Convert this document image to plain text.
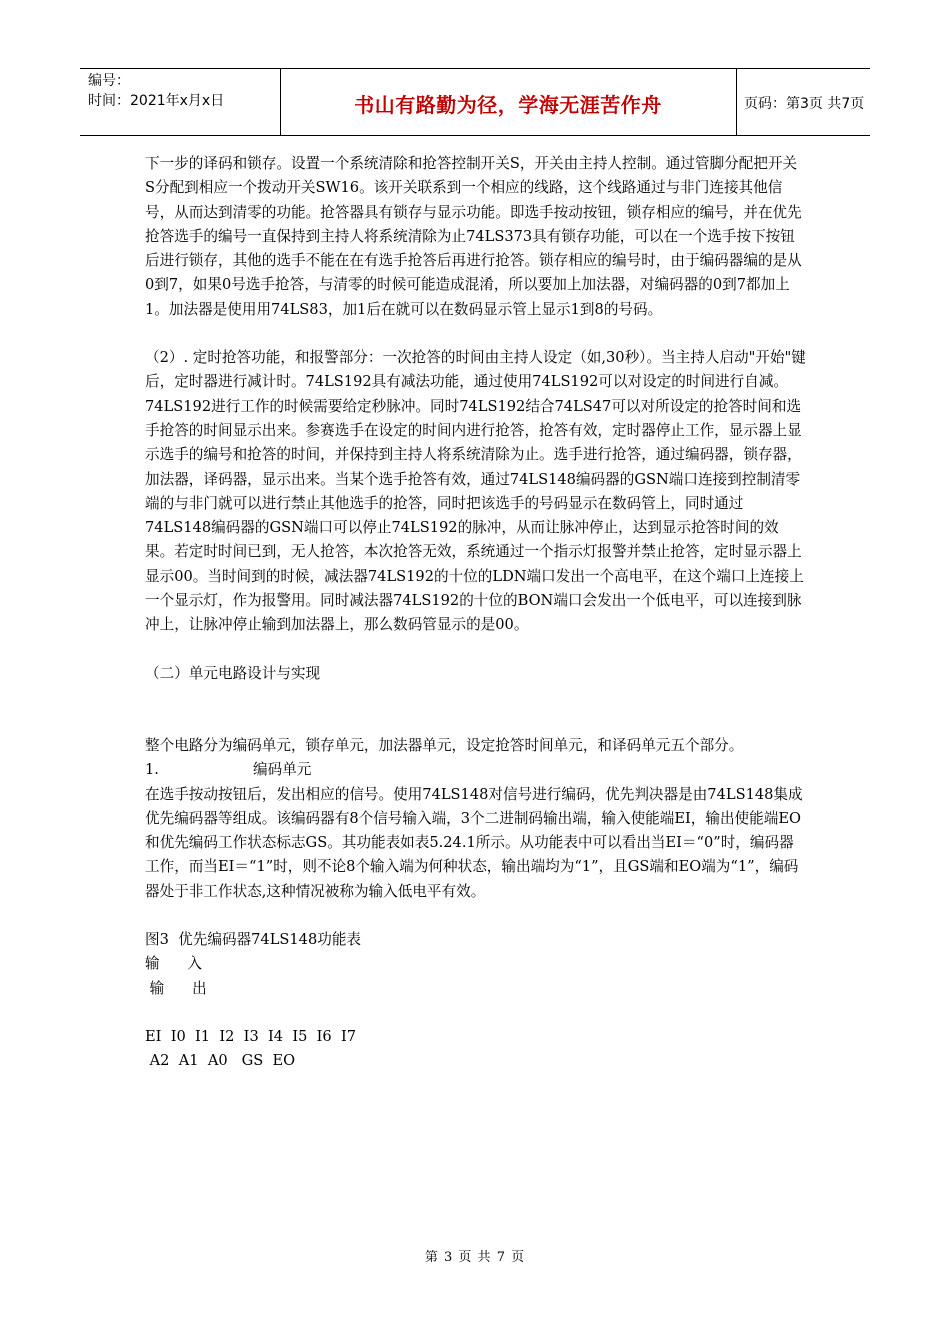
编号：
时间：2021年x月x日	书山有路勤为径，学海无涯苦作舟	页码：第3页 共7页

下一步的译码和锁存。设置一个系统清除和抢答控制开关S，开关由主持人控制。通过管脚分配把开关S分配到相应一个拨动开关SW16。该开关联系到一个相应的线路，这个线路通过与非门连接其他信号，从而达到清零的功能。抢答器具有锁存与显示功能。即选手按动按钮，锁存相应的编号，并在优先抢答选手的编号一直保持到主持人将系统清除为止74LS373具有锁存功能，可以在一个选手按下按钮后进行锁存，其他的选手不能在在有选手抢答后再进行抢答。锁存相应的编号时，由于编码器编的是从0到7，如果0号选手抢答，与清零的时候可能造成混淆，所以要加上加法器，对编码器的0到7都加上1。加法器是使用用74LS83，加1后在就可以在数码显示管上显示1到8的号码。

（2）. 定时抢答功能，和报警部分：一次抢答的时间由主持人设定（如,30秒）。当主持人启动"开始"键后，定时器进行减计时。74LS192具有减法功能，通过使用74LS192可以对设定的时间进行自减。74LS192进行工作的时候需要给定秒脉冲。同时74LS192结合74LS47可以对所设定的抢答时间和选手抢答的时间显示出来。参赛选手在设定的时间内进行抢答，抢答有效，定时器停止工作，显示器上显示选手的编号和抢答的时间，并保持到主持人将系统清除为止。选手进行抢答，通过编码器，锁存器，加法器，译码器，显示出来。当某个选手抢答有效，通过74LS148编码器的GSN端口连接到控制清零端的与非门就可以进行禁止其他选手的抢答，同时把该选手的号码显示在数码管上，同时通过74LS148编码器的GSN端口可以停止74LS192的脉冲，从而让脉冲停止，达到显示抢答时间的效果。若定时时间已到，无人抢答，本次抢答无效，系统通过一个指示灯报警并禁止抢答，定时显示器上显示00。当时间到的时候，减法器74LS192的十位的LDN端口发出一个高电平，在这个端口上连接上一个显示灯，作为报警用。同时减法器74LS192的十位的BON端口会发出一个低电平，可以连接到脉冲上，让脉冲停止输到加法器上，那么数码管显示的是00。

（二）单元电路设计与实现

整个电路分为编码单元，锁存单元，加法器单元，设定抢答时间单元，和译码单元五个部分。

1.	编码单元

在选手按动按钮后，发出相应的信号。使用74LS148对信号进行编码，优先判决器是由74LS148集成优先编码器等组成。该编码器有8个信号输入端，3个二进制码输出端，输入使能端EI，输出使能端EO和优先编码工作状态标志GS。其功能表如表5.24.1所示。从功能表中可以看出当EI＝“0”时，编码器工作，而当EI＝“1”时，则不论8个输入端为何种状态，输出端均为“1”，且GS端和EO端为“1”，编码器处于非工作状态,这种情况被称为输入低电平有效。

图3  优先编码器74LS148功能表

输      入

输      出

EI  I0  I1  I2  I3  I4  I5  I6  I7

A2  A1  A0   GS  EO

第 3 页 共 7 页
